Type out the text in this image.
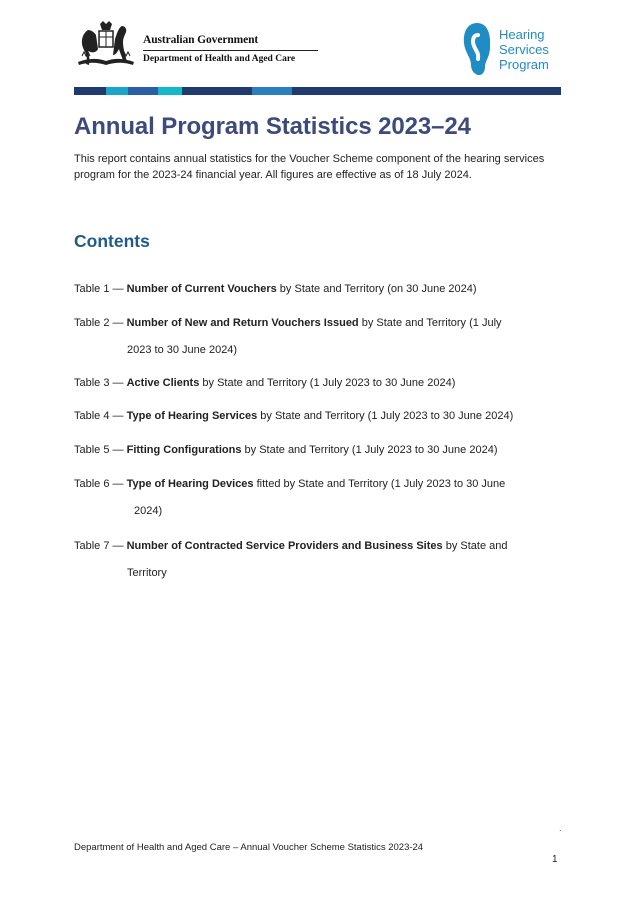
Australian Government
Department of Health and Aged Care
Hearing
Services
Program
Annual Program Statistics 2023–24
This report contains annual statistics for the Voucher Scheme component of the hearing services program for the 2023-24 financial year. All figures are effective as of 18 July 2024.
Contents
Table 1 — Number of Current Vouchers by State and Territory (on 30 June 2024)
Table 2 — Number of New and Return Vouchers Issued by State and Territory (1 July
2023 to 30 June 2024)
Table 3 — Active Clients by State and Territory (1 July 2023 to 30 June 2024)
Table 4 — Type of Hearing Services by State and Territory (1 July 2023 to 30 June 2024)
Table 5 — Fitting Configurations by State and Territory (1 July 2023 to 30 June 2024)
Table 6 — Type of Hearing Devices fitted by State and Territory (1 July 2023 to 30 June
2024)
Table 7 — Number of Contracted Service Providers and Business Sites by State and
Territory
.
Department of Health and Aged Care – Annual Voucher Scheme Statistics 2023-24
1
